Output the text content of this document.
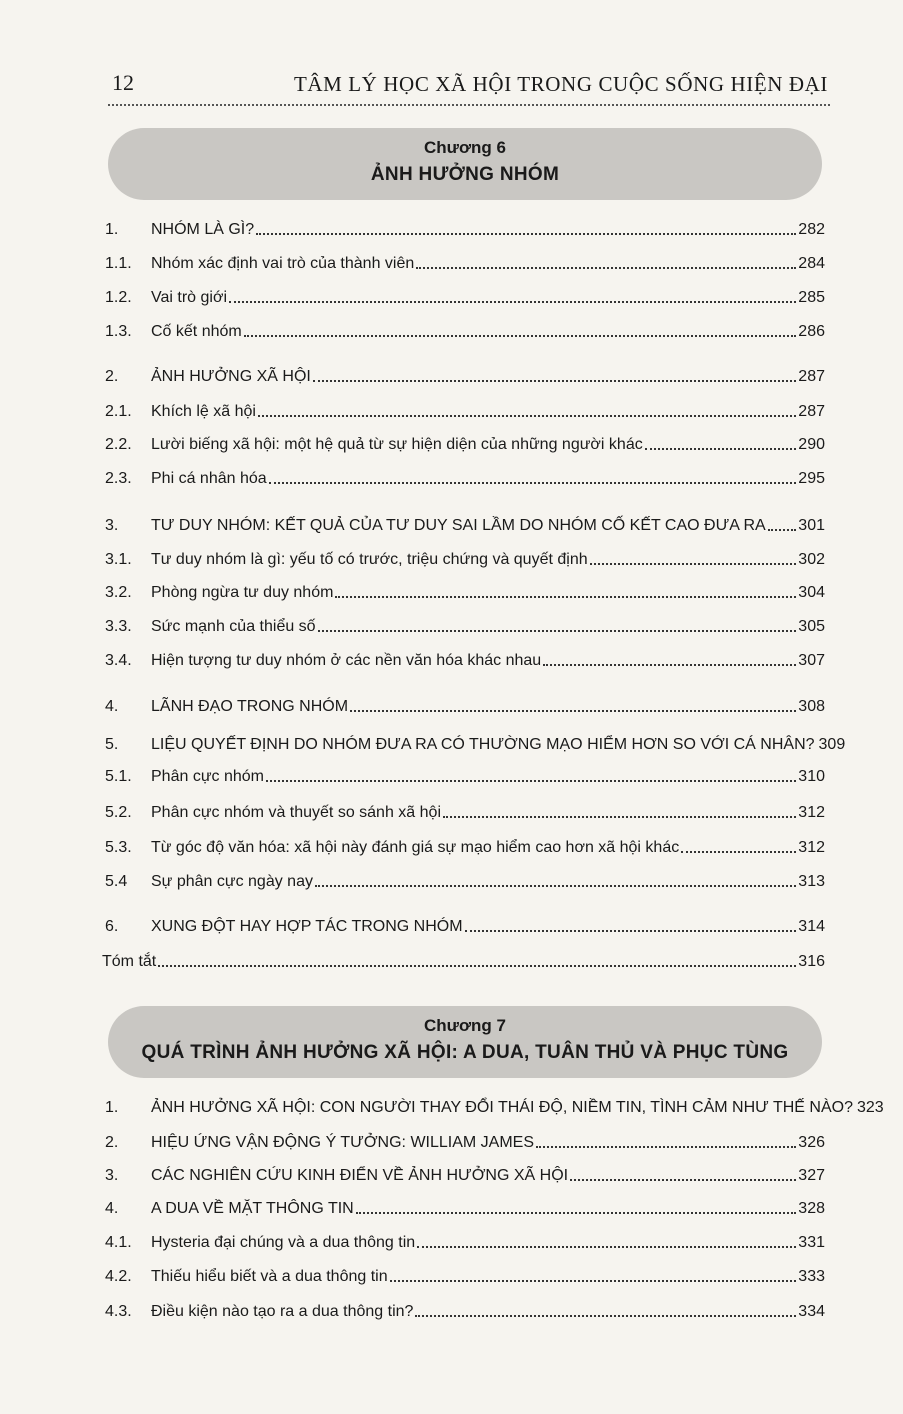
12	TÂM LÝ HỌC XÃ HỘI TRONG CUỘC SỐNG HIỆN ĐẠI
Chương 6
ẢNH HƯỞNG NHÓM
1.	NHÓM LÀ GÌ?	282
1.1.	Nhóm xác định vai trò của thành viên	284
1.2.	Vai trò giới	285
1.3.	Cố kết nhóm	286
2.	ẢNH HƯỞNG XÃ HỘI	287
2.1.	Khích lệ xã hội	287
2.2.	Lười biếng xã hội: một hệ quả từ sự hiện diện của những người khác	290
2.3.	Phi cá nhân hóa	295
3.	TƯ DUY NHÓM: KẾT QUẢ CỦA TƯ DUY SAI LẦM DO NHÓM CỐ KẾT CAO ĐƯA RA 301
3.1.	Tư duy nhóm là gì: yếu tố có trước, triệu chứng và quyết định	302
3.2.	Phòng ngừa tư duy nhóm	304
3.3.	Sức mạnh của thiểu số	305
3.4.	Hiện tượng tư duy nhóm ở các nền văn hóa khác nhau	307
4.	LÃNH ĐẠO TRONG NHÓM	308
5.	LIỆU QUYẾT ĐỊNH DO NHÓM ĐƯA RA CÓ THƯỜNG MẠO HIỂM HƠN SO VỚI CÁ NHÂN? 309
5.1.	Phân cực nhóm	310
5.2.	Phân cực nhóm và thuyết so sánh xã hội	312
5.3.	Từ góc độ văn hóa: xã hội này đánh giá sự mạo hiểm cao hơn xã hội khác	312
5.4	Sự phân cực ngày nay	313
6.	XUNG ĐỘT HAY HỢP TÁC TRONG NHÓM	314
Tóm tắt	316
Chương 7
QUÁ TRÌNH ẢNH HƯỞNG XÃ HỘI: A DUA, TUÂN THỦ VÀ PHỤC TÙNG
1.	ẢNH HƯỞNG XÃ HỘI: CON NGƯỜI THAY ĐỔI THÁI ĐỘ, NIỀM TIN, TÌNH CẢM NHƯ THẾ NÀO? 323
2.	HIỆU ỨNG VẬN ĐỘNG Ý TƯỞNG: WILLIAM JAMES	326
3.	CÁC NGHIÊN CỨU KINH ĐIỂN VỀ ẢNH HƯỞNG XÃ HỘI	327
4.	A DUA VỀ MẶT THÔNG TIN	328
4.1.	Hysteria đại chúng và a dua thông tin	331
4.2.	Thiếu hiểu biết và a dua thông tin	333
4.3.	Điều kiện nào tạo ra a dua thông tin?	334
